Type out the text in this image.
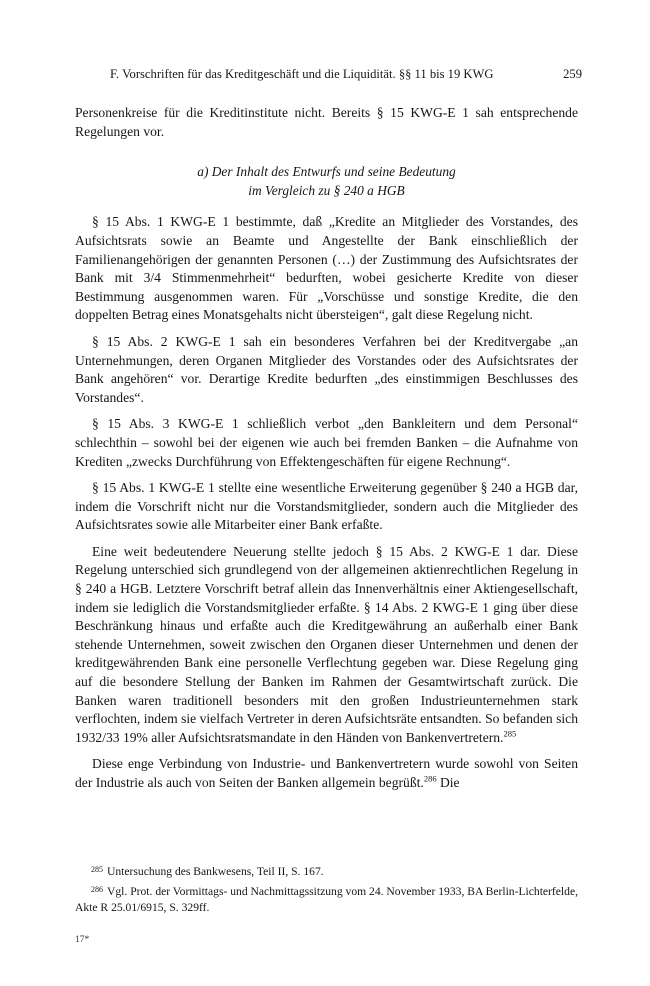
F. Vorschriften für das Kreditgeschäft und die Liquidität. §§ 11 bis 19 KWG	259

Personenkreise für die Kreditinstitute nicht. Bereits § 15 KWG-E 1 sah entsprechende Regelungen vor.

a) Der Inhalt des Entwurfs und seine Bedeutung
im Vergleich zu § 240 a HGB

§ 15 Abs. 1 KWG-E 1 bestimmte, daß „Kredite an Mitglieder des Vorstandes, des Aufsichtsrats sowie an Beamte und Angestellte der Bank einschließlich der Familienangehörigen der genannten Personen (…) der Zustimmung des Aufsichtsrates der Bank mit 3/4 Stimmenmehrheit“ bedurften, wobei gesicherte Kredite von dieser Bestimmung ausgenommen waren. Für „Vorschüsse und sonstige Kredite, die den doppelten Betrag eines Monatsgehalts nicht übersteigen“, galt diese Regelung nicht.

§ 15 Abs. 2 KWG-E 1 sah ein besonderes Verfahren bei der Kreditvergabe „an Unternehmungen, deren Organen Mitglieder des Vorstandes oder des Aufsichtsrates der Bank angehören“ vor. Derartige Kredite bedurften „des einstimmigen Beschlusses des Vorstandes“.

§ 15 Abs. 3 KWG-E 1 schließlich verbot „den Bankleitern und dem Personal“ schlechthin – sowohl bei der eigenen wie auch bei fremden Banken – die Aufnahme von Krediten „zwecks Durchführung von Effektengeschäften für eigene Rechnung“.

§ 15 Abs. 1 KWG-E 1 stellte eine wesentliche Erweiterung gegenüber § 240 a HGB dar, indem die Vorschrift nicht nur die Vorstandsmitglieder, sondern auch die Mitglieder des Aufsichtsrates sowie alle Mitarbeiter einer Bank erfaßte.

Eine weit bedeutendere Neuerung stellte jedoch § 15 Abs. 2 KWG-E 1 dar. Diese Regelung unterschied sich grundlegend von der allgemeinen aktienrechtlichen Regelung in § 240 a HGB. Letztere Vorschrift betraf allein das Innenverhältnis einer Aktiengesellschaft, indem sie lediglich die Vorstandsmitglieder erfaßte. § 14 Abs. 2 KWG-E 1 ging über diese Beschränkung hinaus und erfaßte auch die Kreditgewährung an außerhalb einer Bank stehende Unternehmen, soweit zwischen den Organen dieser Unternehmen und denen der kreditgewährenden Bank eine personelle Verflechtung gegeben war. Diese Regelung ging auf die besondere Stellung der Banken im Rahmen der Gesamtwirtschaft zurück. Die Banken waren traditionell besonders mit den großen Industrieunternehmen stark verflochten, indem sie vielfach Vertreter in deren Aufsichtsräte entsandten. So befanden sich 1932/33 19% aller Aufsichtsratsmandate in den Händen von Bankenvertretern.$^{285}$

Diese enge Verbindung von Industrie- und Bankenvertretern wurde sowohl von Seiten der Industrie als auch von Seiten der Banken allgemein begrüßt.$^{286}$ Die

$^{285}$ Untersuchung des Bankwesens, Teil II, S. 167.

$^{286}$ Vgl. Prot. der Vormittags- und Nachmittagssitzung vom 24. November 1933, BA Berlin-Lichterfelde, Akte R 25.01/6915, S. 329ff.

17*
